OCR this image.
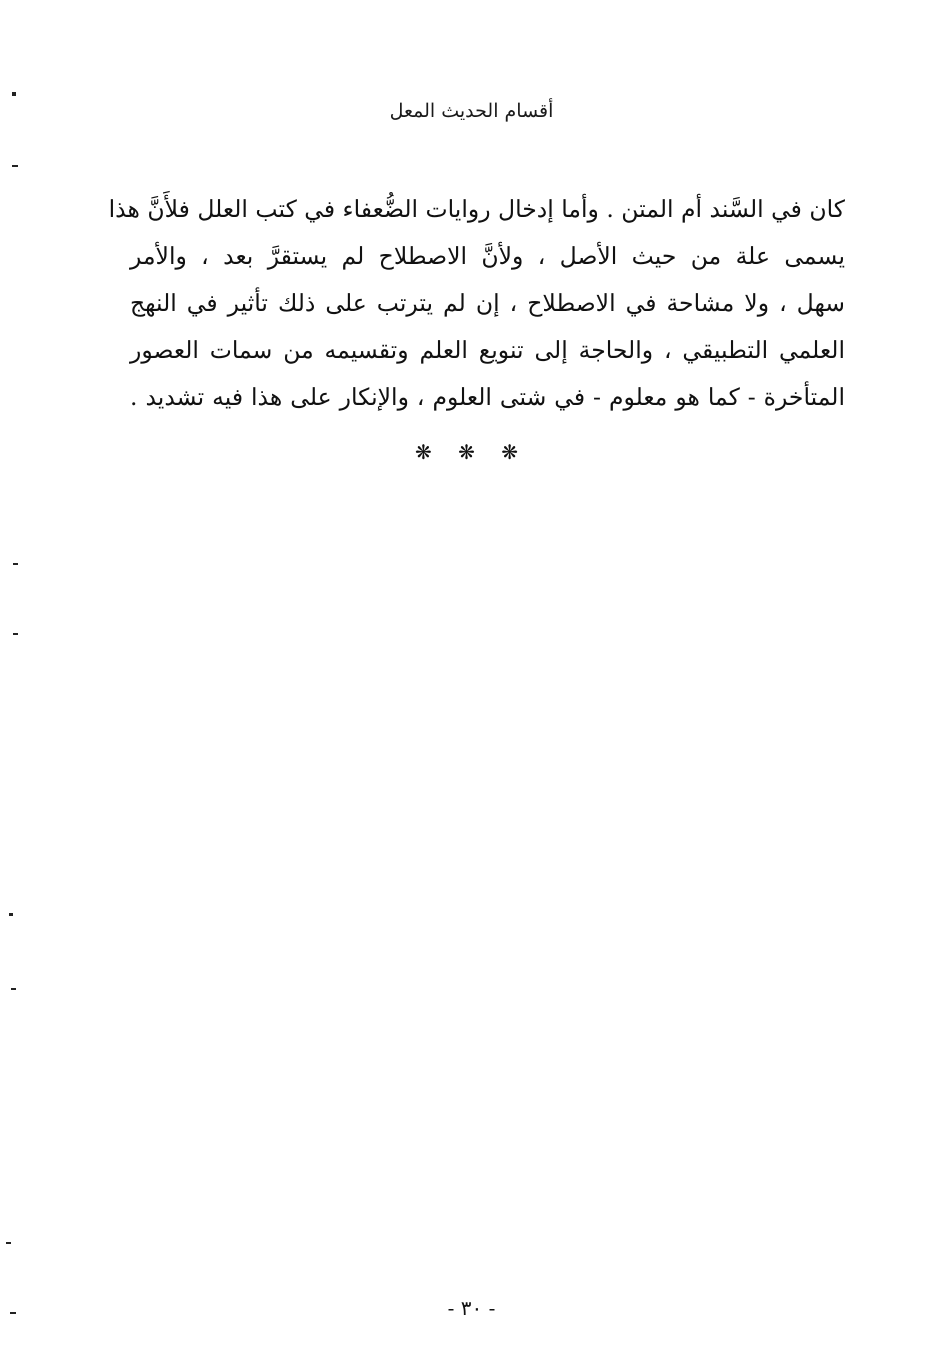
أقسام الحديث المعل
كان في السَّند أم المتن . وأما إدخال روايات الضُّعفاء في كتب العلل فلأَنَّ هذا
يسمى علة من حيث الأصل ، ولأنَّ الاصطلاح لم يستقرَّ بعد ، والأمر
سهل ، ولا مشاحة في الاصطلاح ، إن لم يترتب على ذلك تأثير في النهج
العلمي التطبيقي ، والحاجة إلى تنويع العلم وتقسيمه من سمات العصور
المتأخرة - كما هو معلوم - في شتى العلوم ، والإنكار على هذا فيه تشديد .
❋ ❋ ❋
- ٣٠ -
